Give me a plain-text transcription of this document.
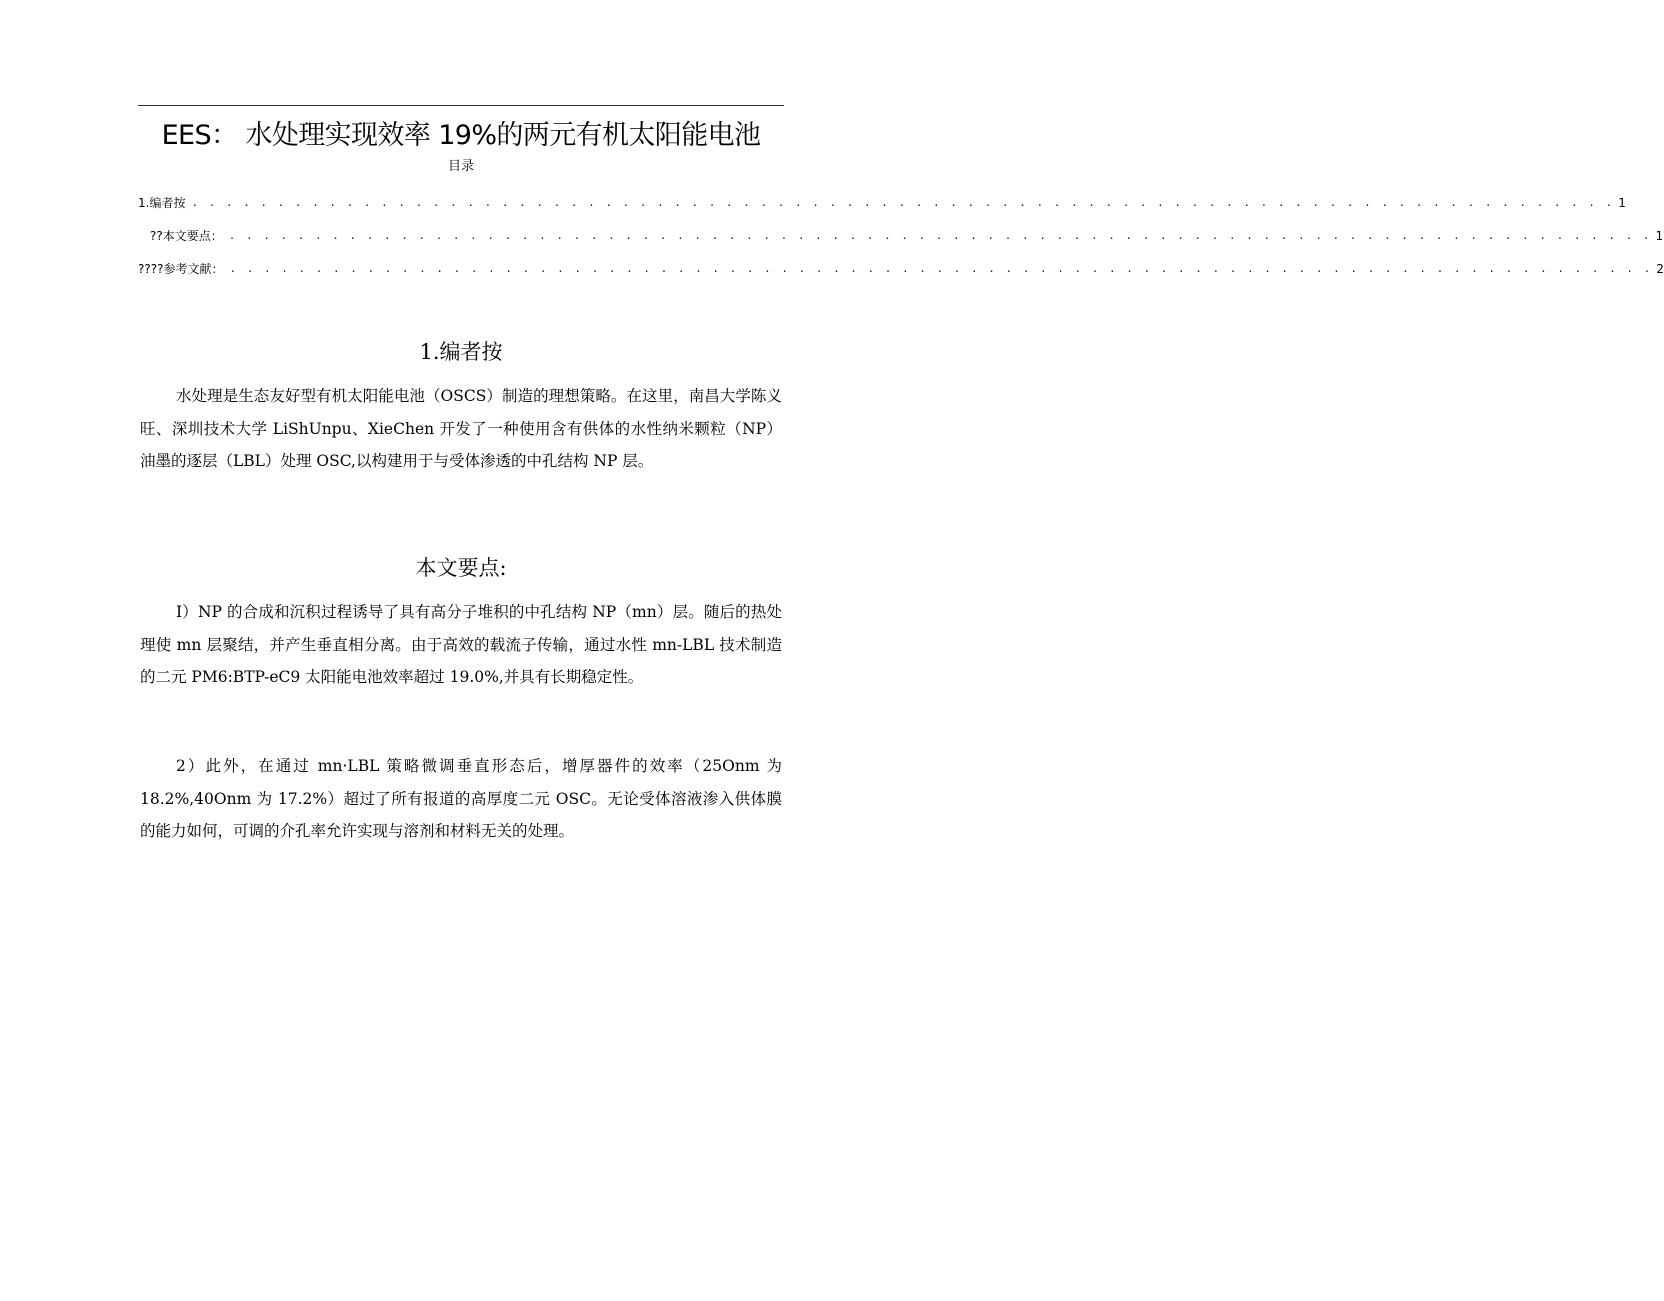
EES： 水处理实现效率 19%的两元有机太阳能电池
目录
1.编者按 . . . . . . . . . . . . . . . . . . . . . . . . . . . . . . . . . . . . . . . . . . . . . . . . . . . . . . . . . . . . . . . . . . . . . . . . . . . . . . . . . . . 1
??本文要点： . . . . . . . . . . . . . . . . . . . . . . . . . . . . . . . . . . . . . . . . . . . . . . . . . . . . . . . . . . . . . . . . . . . . . . . . . . . . . . . . . . . 1
????参考文献： . . . . . . . . . . . . . . . . . . . . . . . . . . . . . . . . . . . . . . . . . . . . . . . . . . . . . . . . . . . . . . . . . . . . . . . . . . . . . . . . . . . 2
1.编者按

水处理是生态友好型有机太阳能电池（OSCS）制造的理想策略。在这里，南昌大学陈义旺、深圳技术大学 LiShUnpu、XieChen 开发了一种使用含有供体的水性纳米颗粒（NP）油墨的逐层（LBL）处理 OSC,以构建用于与受体渗透的中孔结构 NP 层。

本文要点:

I）NP 的合成和沉积过程诱导了具有高分子堆积的中孔结构 NP（mn）层。随后的热处理使 mn 层聚结，并产生垂直相分离。由于高效的载流子传输，通过水性 mn-LBL 技术制造的二元 PM6:BTP-eC9 太阳能电池效率超过 19.0%,并具有长期稳定性。

2）此外，在通过 mn·LBL 策略微调垂直形态后，增厚器件的效率（25Onm 为 18.2%,40Onm 为 17.2%）超过了所有报道的高厚度二元 OSC。无论受体溶液渗入供体膜的能力如何，可调的介孔率允许实现与溶剂和材料无关的处理。
